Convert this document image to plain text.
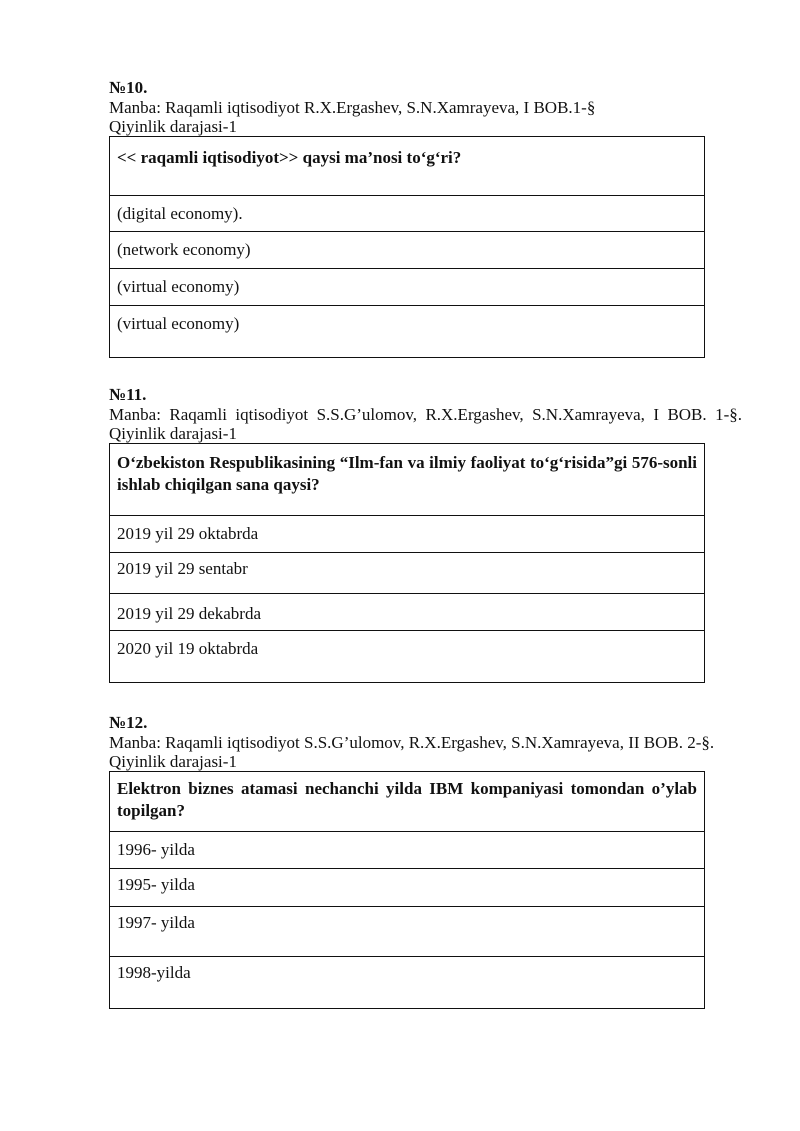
№10.
Manba: Raqamli iqtisodiyot R.X.Ergashev, S.N.Xamrayeva, I BOB.1-§
Qiyinlik darajasi-1
<< raqamli iqtisodiyot>> qaysi ma’nosi to‘g‘ri?
(digital economy).
(network economy)
(virtual economy)
(virtual economy)
№11.
Manba: Raqamli iqtisodiyot S.S.G’ulomov, R.X.Ergashev, S.N.Xamrayeva, I BOB. 1-§. Qiyinlik darajasi-1
O‘zbekiston Respublikasining “Ilm-fan va ilmiy faoliyat to‘g‘risida”gi 576-sonli ishlab chiqilgan sana qaysi?
2019 yil 29 oktabrda
2019 yil 29 sentabr
2019 yil 29 dekabrda
2020 yil 19 oktabrda
№12.
Manba: Raqamli iqtisodiyot S.S.G’ulomov, R.X.Ergashev, S.N.Xamrayeva, II BOB. 2-§.
Qiyinlik darajasi-1
Elektron biznes atamasi nechanchi yilda IBM kompaniyasi tomondan o’ylab topilgan?
1996- yilda
1995- yilda
1997- yilda
1998-yilda
